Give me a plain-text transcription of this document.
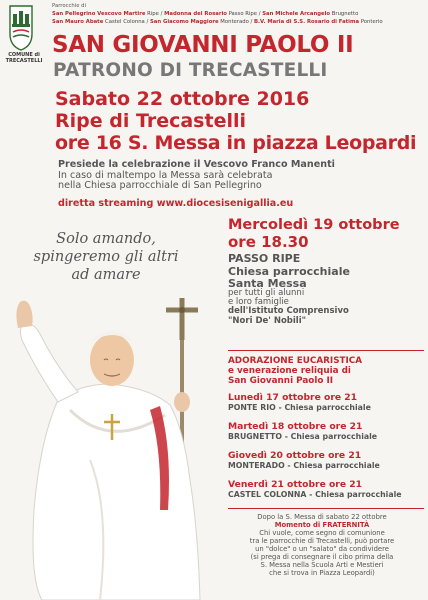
COMUNE di
TRECASTELLI
Parrocchie di
San Pellegrino Vescovo Martire Ripe / Madonna del Rosario Passo Ripe / San Michele Arcangelo Brugnetto
San Mauro Abate Castel Colonna / San Giacomo Maggiore Monterado / B.V. Maria di S.S. Rosario di Fatima Ponterio
SAN GIOVANNI PAOLO II
PATRONO DI TRECASTELLI
Sabato 22 ottobre 2016
Ripe di Trecastelli
ore 16 S. Messa in piazza Leopardi
Presiede la celebrazione il Vescovo Franco Manenti
In caso di maltempo la Messa sarà celebrata
nella Chiesa parrocchiale di San Pellegrino
diretta streaming www.diocesisenigallia.eu
Solo amando,
spingeremo gli altri
ad amare
Mercoledì 19 ottobre
ore 18.30
PASSO RIPE
Chiesa parrocchiale
Santa Messa
per tutti gli alunni
e loro famiglie
dell'Istituto Comprensivo
"Nori De' Nobili"
ADORAZIONE EUCARISTICA
e venerazione reliquia di
San Giovanni Paolo II
Lunedì 17 ottobre ore 21
PONTE RIO - Chiesa parrocchiale
Martedì 18 ottobre ore 21
BRUGNETTO - Chiesa parrocchiale
Giovedì 20 ottobre ore 21
MONTERADO - Chiesa parrocchiale
Venerdì 21 ottobre ore 21
CASTEL COLONNA - Chiesa parrocchiale
Dopo la S. Messa di sabato 22 ottobre
Momento di FRATERNITÀ
Chi vuole, come segno di comunione
tra le parrocchie di Trecastelli, può portare
un "dolce" o un "salato" da condividere
(si prega di consegnare il cibo prima della
S. Messa nella Scuola Arti e Mestieri
che si trova in Piazza Leopardi)
